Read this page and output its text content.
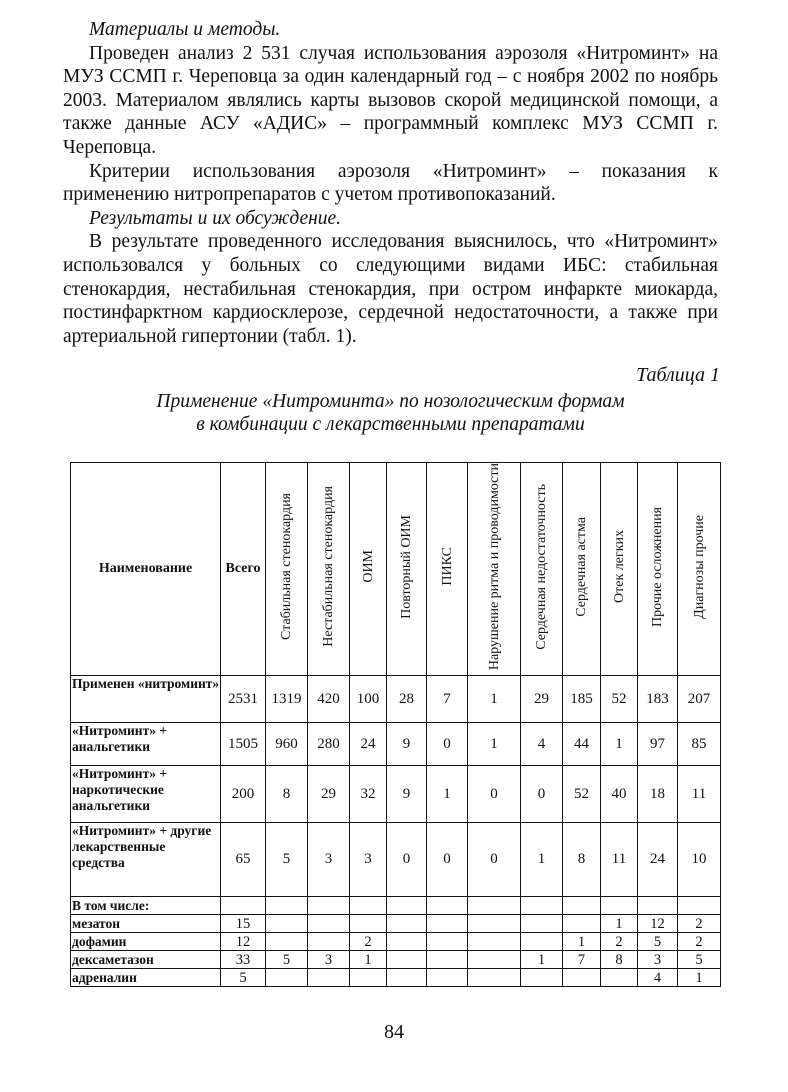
Материалы и методы.

Проведен анализ 2 531 случая использования аэрозоля «Нитроминт» на МУЗ ССМП г. Череповца за один календарный год – с ноября 2002 по ноябрь 2003. Материалом являлись карты вызовов скорой медицинской помощи, а также данные АСУ «АДИС» – программный комплекс МУЗ ССМП г. Череповца.

Критерии использования аэрозоля «Нитроминт» – показания к применению нитропрепаратов с учетом противопоказаний.

Результаты и их обсуждение.

В результате проведенного исследования выяснилось, что «Нитроминт» использовался у больных со следующими видами ИБС: стабильная стенокардия, нестабильная стенокардия, при остром инфаркте миокарда, постинфарктном кардиосклерозе, сердечной недостаточности, а также при артериальной гипертонии (табл. 1).

Таблица 1
Применение «Нитроминта» по нозологическим формам
в комбинации с лекарственными препаратами
Наименование	Всего	Стабильная стенокардия	Нестабильная стенокардия	ОИМ	Повторный ОИМ	ПИКС	Нарушение ритма и проводимости	Сердечная недостаточность	Сердечная астма	Отек легких	Прочие осложнения	Диагнозы прочие
Применен «нитроминт»	2531	1319	420	100	28	7	1	29	185	52	183	207
«Нитроминт» + анальгетики	1505	960	280	24	9	0	1	4	44	1	97	85
«Нитроминт» + наркотические анальгетики	200	8	29	32	9	1	0	0	52	40	18	11
«Нитроминт» + другие лекарственные средства	65	5	3	3	0	0	0	1	8	11	24	10
В том числе:												
мезатон	15									1	12	2
дофамин	12			2					1	2	5	2
дексаметазон	33	5	3	1				1	7	8	3	5
адреналин	5										4	1
84
